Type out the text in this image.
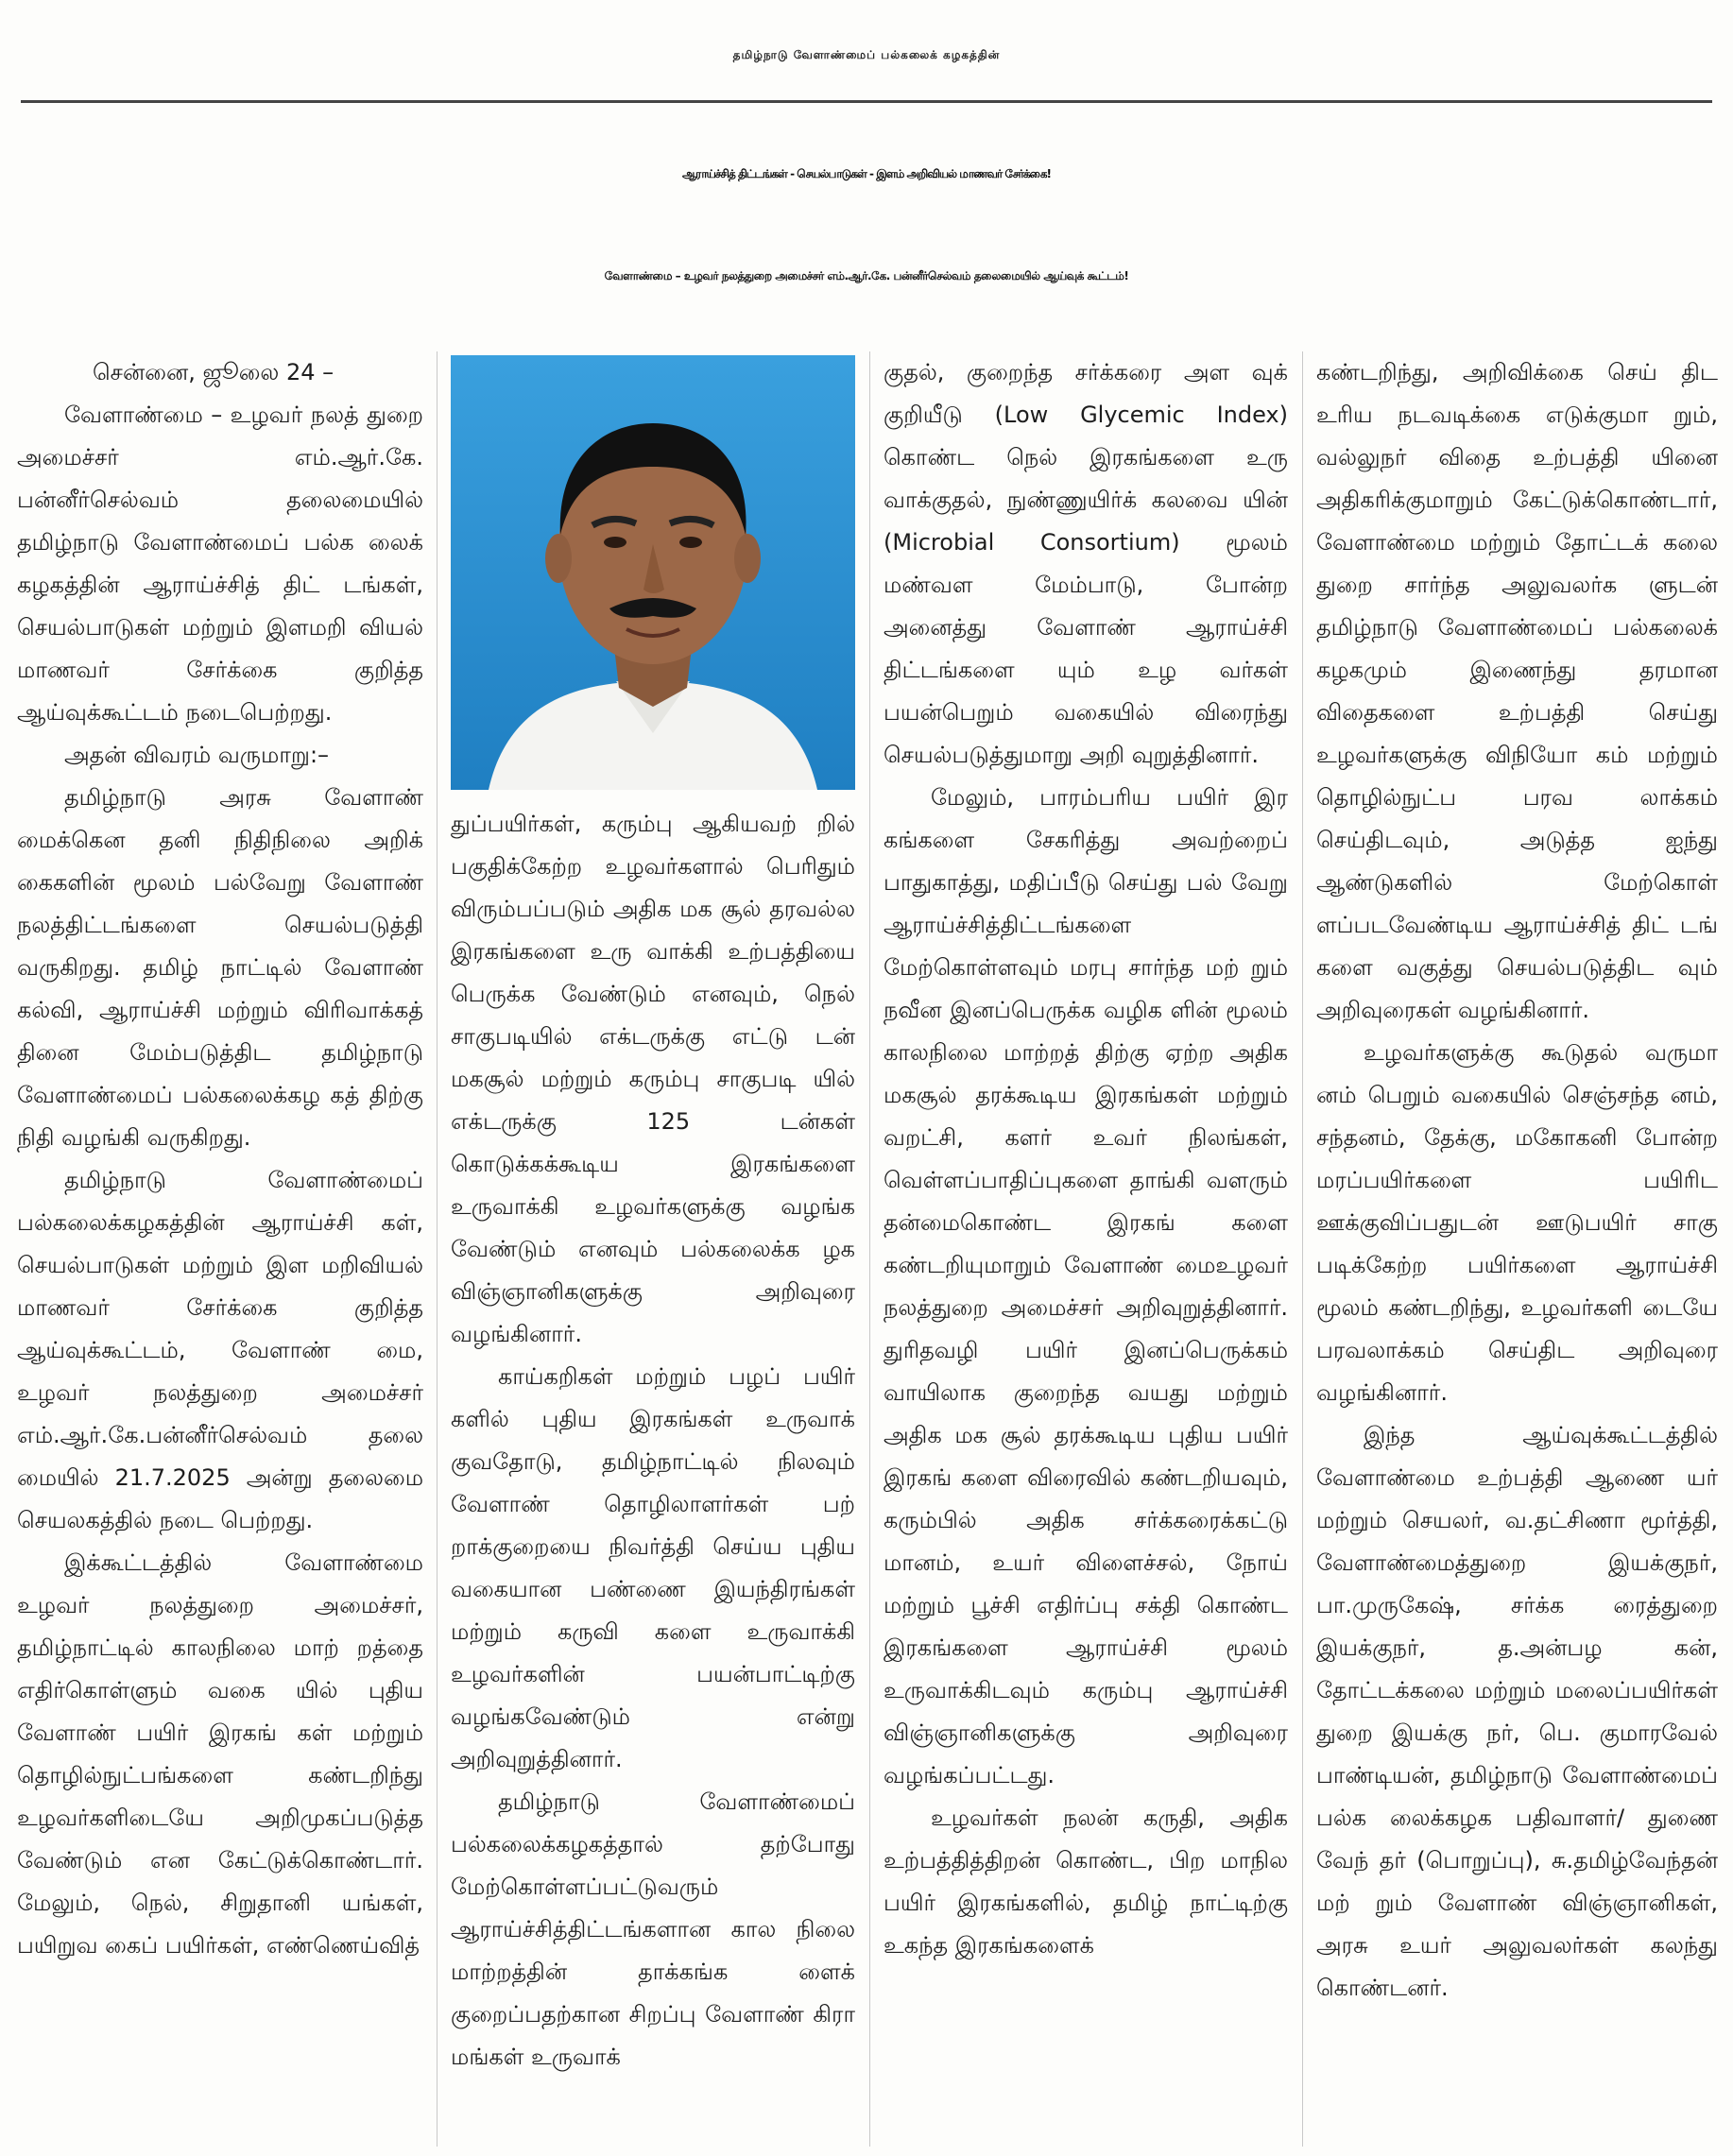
தமிழ்நாடு வேளாண்மைப் பல்கலைக் கழகத்தின்
ஆராய்ச்சித் திட்டங்கள் - செயல்பாடுகள் - இளம் அறிவியல் மாணவர் சேர்க்கை!
வேளாண்மை – உழவர் நலத்துறை அமைச்சர் எம்.ஆர்.கே. பன்னீர்செல்வம் தலைமையில் ஆய்வுக் கூட்டம்!

சென்னை, ஜூலை 24 –

வேளாண்மை – உழவர் நலத் துறை அமைச்சர் எம்.ஆர்.கே. பன்னீர்செல்வம் தலைமையில் தமிழ்நாடு வேளாண்மைப் பல்க லைக் கழகத்தின் ஆராய்ச்சித் திட் டங்கள், செயல்பாடுகள் மற்றும் இளமறி வியல் மாணவர் சேர்க்கை குறித்த ஆய்வுக்கூட்டம் நடைபெற்றது.

அதன் விவரம் வருமாறு:–

தமிழ்நாடு அரசு வேளாண் மைக்கென தனி நிதிநிலை அறிக் கைகளின் மூலம் பல்வேறு வேளாண் நலத்திட்டங்களை செயல்படுத்தி வருகிறது. தமிழ் நாட்டில் வேளாண் கல்வி, ஆராய்ச்சி மற்றும் விரிவாக்கத் தினை மேம்படுத்திட தமிழ்நாடு வேளாண்மைப் பல்கலைக்கழ கத் திற்கு நிதி வழங்கி வருகிறது.

தமிழ்நாடு வேளாண்மைப் பல்கலைக்கழகத்தின் ஆராய்ச்சி கள், செயல்பாடுகள் மற்றும் இள மறிவியல் மாணவர் சேர்க்கை குறித்த ஆய்வுக்கூட்டம், வேளாண் மை, உழவர் நலத்துறை அமைச்சர் எம்.ஆர்.கே.பன்னீர்செல்வம் தலை மையில் 21.7.2025 அன்று தலைமை செயலகத்தில் நடை பெற்றது.

இக்கூட்டத்தில் வேளாண்மை உழவர் நலத்துறை அமைச்சர், தமிழ்நாட்டில் காலநிலை மாற் றத்தை எதிர்கொள்ளும் வகை யில் புதிய வேளாண் பயிர் இரகங் கள் மற்றும் தொழில்நுட்பங்களை கண்டறிந்து உழவர்களிடையே அறிமுகப்படுத்த வேண்டும் என கேட்டுக்கொண்டார். மேலும், நெல், சிறுதானி யங்கள், பயிறுவ கைப் பயிர்கள், எண்ணெய்வித்

துப்பயிர்கள், கரும்பு ஆகியவற் றில் பகுதிக்கேற்ற உழவர்களால் பெரிதும் விரும்பப்படும் அதிக மக சூல் தரவல்ல இரகங்களை உரு வாக்கி உற்பத்தியை பெருக்க வேண்டும் எனவும், நெல் சாகுபடியில் எக்டருக்கு எட்டு டன் மகசூல் மற்றும் கரும்பு சாகுபடி யில் எக்டருக்கு 125 டன்கள் கொடுக்கக்கூடிய இரகங்களை உருவாக்கி உழவர்களுக்கு வழங்க வேண்டும் எனவும் பல்கலைக்க ழக விஞ்ஞானிகளுக்கு அறிவுரை வழங்கினார்.

காய்கறிகள் மற்றும் பழப் பயிர் களில் புதிய இரகங்கள் உருவாக் குவதோடு, தமிழ்நாட்டில் நிலவும் வேளாண் தொழிலாளர்கள் பற் றாக்குறையை நிவர்த்தி செய்ய புதிய வகையான பண்ணை இயந்திரங்கள் மற்றும் கருவி களை உருவாக்கி உழவர்களின் பயன்பாட்டிற்கு வழங்கவேண்டும் என்று அறிவுறுத்தினார்.

தமிழ்நாடு வேளாண்மைப் பல்கலைக்கழகத்தால் தற்போது மேற்கொள்ளப்பட்டுவரும் ஆராய்ச்சித்திட்டங்களான கால நிலை மாற்றத்தின் தாக்கங்க ளைக் குறைப்பதற்கான சிறப்பு வேளாண் கிரா மங்கள் உருவாக்

குதல், குறைந்த சர்க்கரை அள வுக் குறியீடு (Low Glycemic Index) கொண்ட நெல் இரகங்களை உரு வாக்குதல், நுண்ணுயிர்க் கலவை யின் (Microbial Consortium) மூலம் மண்வள மேம்பாடு, போன்ற அனைத்து வேளாண் ஆராய்ச்சி திட்டங்களை யும் உழ வர்கள் பயன்பெறும் வகையில் விரைந்து செயல்படுத்துமாறு அறி வுறுத்தினார்.

மேலும், பாரம்பரிய பயிர் இர கங்களை சேகரித்து அவற்றைப் பாதுகாத்து, மதிப்பீடு செய்து பல் வேறு ஆராய்ச்சித்திட்டங்களை மேற்கொள்ளவும் மரபு சார்ந்த மற் றும் நவீன இனப்பெருக்க வழிக ளின் மூலம் காலநிலை மாற்றத் திற்கு ஏற்ற அதிக மகசூல் தரக்கூடிய இரகங்கள் மற்றும் வறட்சி, களர் உவர் நிலங்கள், வெள்ளப்பாதிப்புகளை தாங்கி வளரும் தன்மைகொண்ட இரகங் களை கண்டறியுமாறும் வேளாண் மைஉழவர் நலத்துறை அமைச்சர் அறிவுறுத்தினார். துரிதவழி பயிர் இனப்பெருக்கம் வாயிலாக குறைந்த வயது மற்றும் அதிக மக சூல் தரக்கூடிய புதிய பயிர் இரகங் களை விரைவில் கண்டறியவும், கரும்பில் அதிக சர்க்கரைக்கட்டு மானம், உயர் விளைச்சல், நோய் மற்றும் பூச்சி எதிர்ப்பு சக்தி கொண்ட இரகங்களை ஆராய்ச்சி மூலம் உருவாக்கிடவும் கரும்பு ஆராய்ச்சி விஞ்ஞானிகளுக்கு அறிவுரை வழங்கப்பட்டது.

உழவர்கள் நலன் கருதி, அதிக உற்பத்தித்திறன் கொண்ட, பிற மாநில பயிர் இரகங்களில், தமிழ் நாட்டிற்கு உகந்த இரகங்களைக்

கண்டறிந்து, அறிவிக்கை செய் திட உரிய நடவடிக்கை எடுக்குமா றும், வல்லுநர் விதை உற்பத்தி யினை அதிகரிக்குமாறும் கேட்டுக்கொண்டார், வேளாண்மை மற்றும் தோட்டக் கலை துறை சார்ந்த அலுவலர்க ளுடன் தமிழ்நாடு வேளாண்மைப் பல்கலைக் கழகமும் இணைந்து தரமான விதைகளை உற்பத்தி செய்து உழவர்களுக்கு விநியோ கம் மற்றும் தொழில்நுட்ப பரவ லாக்கம் செய்திடவும், அடுத்த ஐந்து ஆண்டுகளில் மேற்கொள் ளப்படவேண்டிய ஆராய்ச்சித் திட் டங் களை வகுத்து செயல்படுத்திட வும் அறிவுரைகள் வழங்கினார்.

உழவர்களுக்கு கூடுதல் வருமா னம் பெறும் வகையில் செஞ்சந்த னம், சந்தனம், தேக்கு, மகோகனி போன்ற மரப்பயிர்களை பயிரிட ஊக்குவிப்பதுடன் ஊடுபயிர் சாகு படிக்கேற்ற பயிர்களை ஆராய்ச்சி மூலம் கண்டறிந்து, உழவர்களி டையே பரவலாக்கம் செய்திட அறிவுரை வழங்கினார்.

இந்த ஆய்வுக்கூட்டத்தில் வேளாண்மை உற்பத்தி ஆணை யர் மற்றும் செயலர், வ.தட்சிணா மூர்த்தி, வேளாண்மைத்துறை இயக்குநர், பா.முருகேஷ், சர்க்க ரைத்துறை இயக்குநர், த.அன்பழ கன், தோட்டக்கலை மற்றும் மலைப்பயிர்கள் துறை இயக்கு நர், பெ. குமாரவேல் பாண்டியன், தமிழ்நாடு வேளாண்மைப் பல்க லைக்கழக பதிவாளர்/ துணை வேந் தர் (பொறுப்பு), சு.தமிழ்வேந்தன் மற் றும் வேளாண் விஞ்ஞானிகள், அரசு உயர் அலுவலர்கள் கலந்து கொண்டனர்.
